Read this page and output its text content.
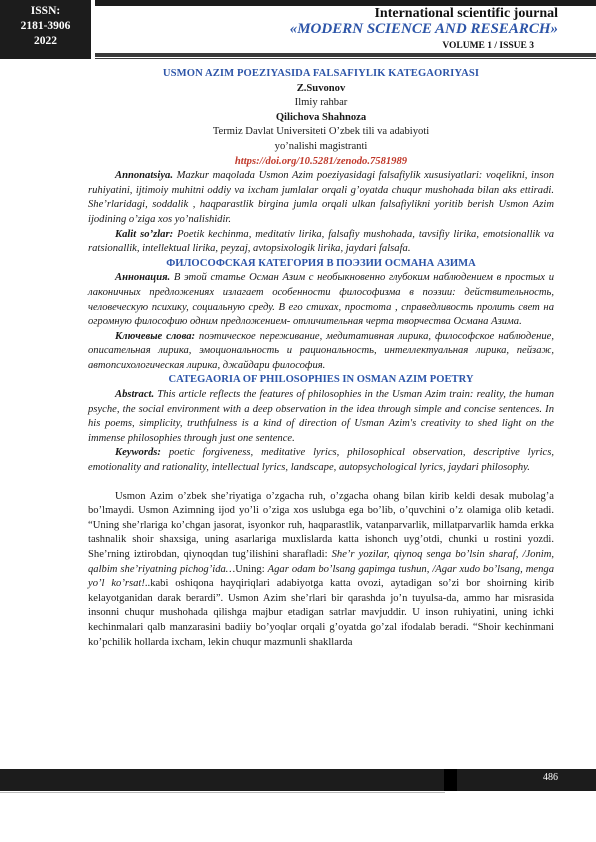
ISSN:
2181-3906
2022
International scientific journal
«MODERN SCIENCE AND RESEARCH»
VOLUME 1 / ISSUE 3
USMON AZIM POEZIYASIDA FALSAFIYLIK KATEGAORIYASI
Z.Suvonov
Ilmiy rahbar
Qilichova Shahnoza
Termiz Davlat Universiteti O’zbek tili va adabiyoti
yo’nalishi magistranti
https://doi.org/10.5281/zenodo.7581989

Annonatsiya. Mazkur maqolada Usmon Azim poeziyasidagi falsafiylik xususiyatlari: voqelikni, inson ruhiyatini, ijtimoiy muhitni oddiy va ixcham jumlalar orqali g’oyatda chuqur mushohada bilan aks ettiradi. She’rlaridagi, soddalik , haqparastlik birgina jumla orqali ulkan falsafiylikni yoritib berish Usmon Azim ijodining o’ziga xos yo’nalishidir.

Kalit so’zlar: Poetik kechinma, meditativ lirika, falsafiy mushohada, tavsifiy lirika, emotsionallik va ratsionallik, intellektual lirika, peyzaj, avtopsixologik lirika, jaydari falsafa.

ФИЛОСОФСКАЯ КАТЕГОРИЯ В ПОЭЗИИ ОСМАНА АЗИМА

Аннонация. В этой статье Осман Азим с необыкновенно глубоким наблюдением в простых и лаконичных предложениях излагает особенности философизма в поэзии: действительность, человеческую психику, социальную среду. В его стихах, простота , справедливость пролить свет на огромную философию одним предложением- отличительная черта творчества Османа Азима.

Ключевые слова: поэтическое переживание, медитативная лирика, философское наблюдение, описательная лирика, эмоциональность и рациональность, интеллектуальная лирика, пейзаж, автопсихологическая лирика, джайдари философия.

CATEGAORIA OF PHILOSOPHIES IN OSMAN AZIM POETRY

Abstract. This article reflects the features of philosophies in the Usman Azim train: reality, the human psyche, the social environment with a deep observation in the idea through simple and concise sentences. In his poems, simplicity, truthfulness is a kind of direction of Usman Azim's creativity to shed light on the immense philosophies through just one sentence.

Keywords: poetic forgiveness, meditative lyrics, philosophical observation, descriptive lyrics, emotionality and rationality, intellectual lyrics, landscape, autopsychological lyrics, jaydari philosophy.

Usmon Azim o’zbek she’riyatiga o’zgacha ruh, o’zgacha ohang bilan kirib keldi desak mubolag’a bo’lmaydi. Usmon Azimning ijod yo’li o’ziga xos uslubga ega bo’lib, o’quvchini o’z olamiga olib ketadi. “Uning she’rlariga ko’chgan jasorat, isyonkor ruh, haqparastlik, vatanparvarlik, millatparvarlik hamda erkka tashnalik shoir shaxsiga, uning asarlariga muxlislarda katta ishonch uyg’otdi, chunki u rostini yozdi. She’rning iztirobdan, qiynoqdan tug’ilishini sharafladi: She’r yozilar, qiynoq senga bo’lsin sharaf, /Jonim, qalbim she’riyatning pichog’ida…Uning: Agar odam bo’lsang gapimga tushun, /Agar xudo bo’lsang, menga yo’l ko’rsat!..kabi oshiqona hayqiriqlari adabiyotga katta ovozi, aytadigan so’zi bor shoirning kirib kelayotganidan darak berardi”. Usmon Azim she’rlari bir qarashda jo’n tuyulsa-da, ammo har misrasida insonni chuqur mushohada qilishga majbur etadigan satrlar mavjuddir. U inson ruhiyatini, uning ichki kechinmalari qalb manzarasini badiiy bo’yoqlar orqali g’oyatda go’zal ifodalab beradi. “Shoir kechinmani ko’pchilik hollarda ixcham, lekin chuqur mazmunli shakllarda

486
